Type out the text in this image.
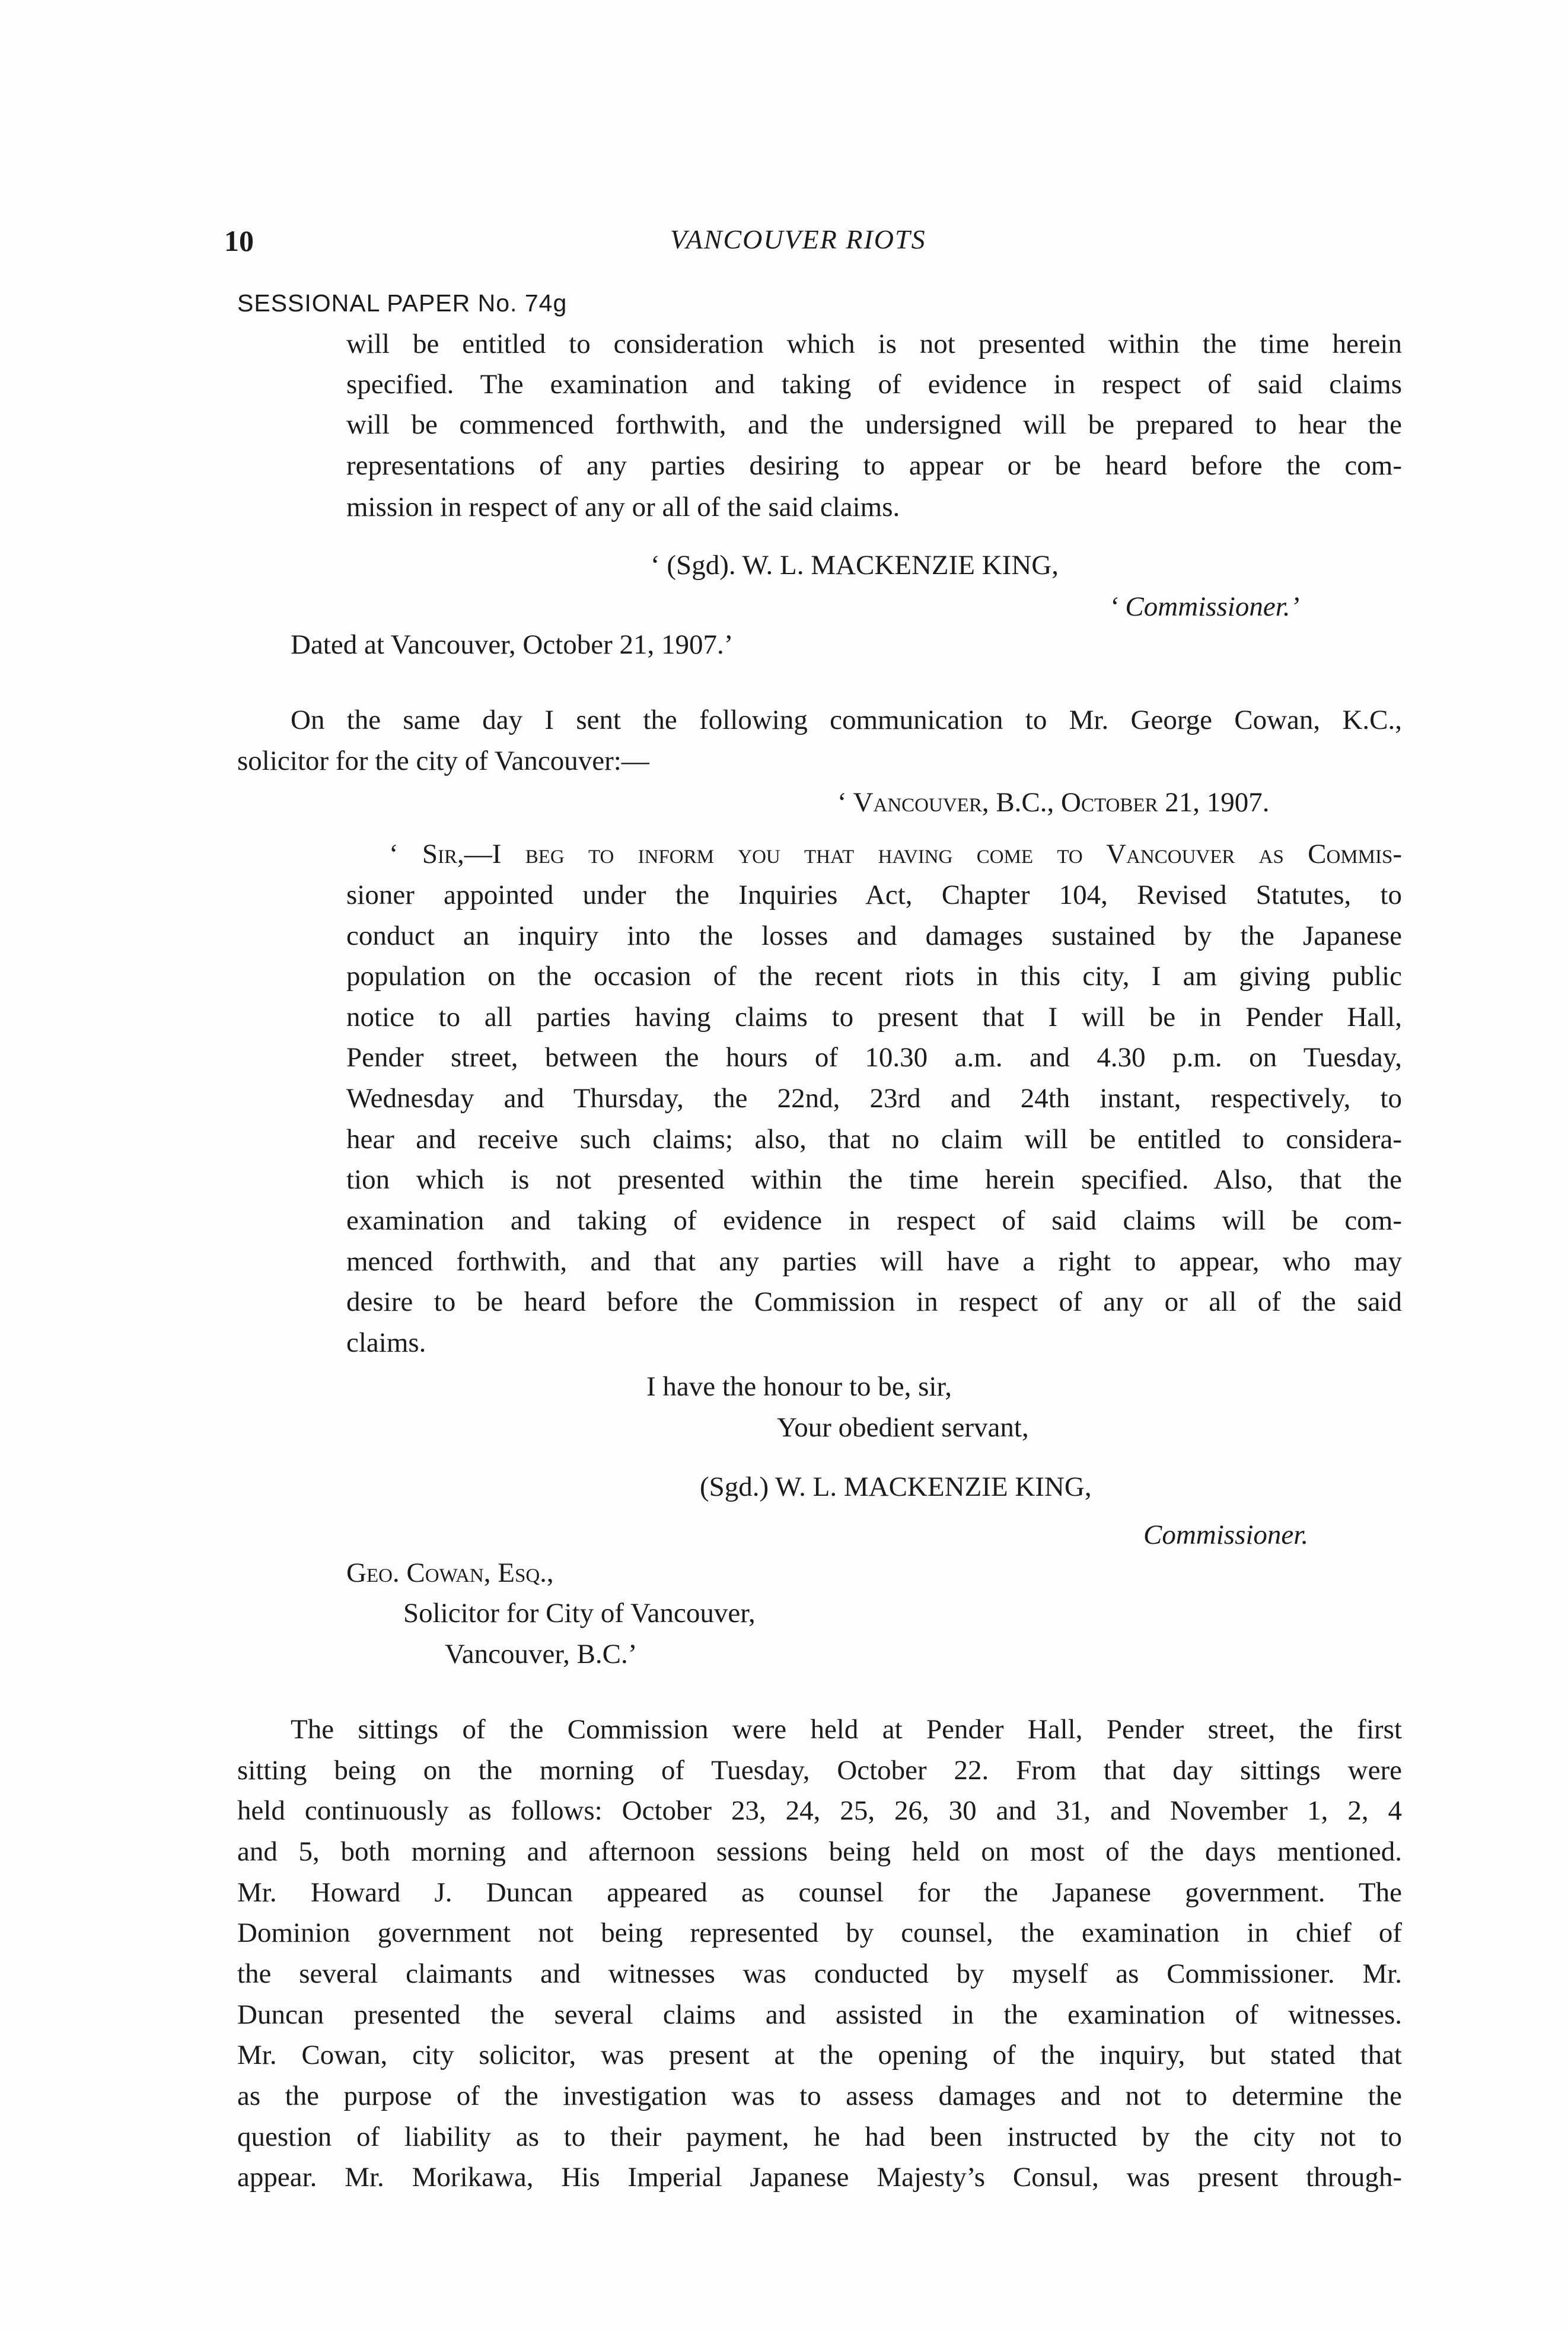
10	VANCOUVER RIOTS
SESSIONAL PAPER No. 74g
will be entitled to consideration which is not presented within the time herein
specified. The examination and taking of evidence in respect of said claims
will be commenced forthwith, and the undersigned will be prepared to hear the
representations of any parties desiring to appear or be heard before the com-
mission in respect of any or all of the said claims.
‘ (Sgd). W. L. MACKENZIE KING,
‘ Commissioner.’
Dated at Vancouver, October 21, 1907.’
On the same day I sent the following communication to Mr. George Cowan, K.C.,
solicitor for the city of Vancouver:—
‘ Vancouver, B.C., October 21, 1907.
‘ Sir,—I beg to inform you that having come to Vancouver as Commis-
sioner appointed under the Inquiries Act, Chapter 104, Revised Statutes, to
conduct an inquiry into the losses and damages sustained by the Japanese
population on the occasion of the recent riots in this city, I am giving public
notice to all parties having claims to present that I will be in Pender Hall,
Pender street, between the hours of 10.30 a.m. and 4.30 p.m. on Tuesday,
Wednesday and Thursday, the 22nd, 23rd and 24th instant, respectively, to
hear and receive such claims; also, that no claim will be entitled to considera-
tion which is not presented within the time herein specified. Also, that the
examination and taking of evidence in respect of said claims will be com-
menced forthwith, and that any parties will have a right to appear, who may
desire to be heard before the Commission in respect of any or all of the said
claims.
I have the honour to be, sir,
Your obedient servant,
(Sgd.) W. L. MACKENZIE KING,
Commissioner.
Geo. Cowan, Esq.,
Solicitor for City of Vancouver,
Vancouver, B.C.’
The sittings of the Commission were held at Pender Hall, Pender street, the first
sitting being on the morning of Tuesday, October 22. From that day sittings were
held continuously as follows: October 23, 24, 25, 26, 30 and 31, and November 1, 2, 4
and 5, both morning and afternoon sessions being held on most of the days mentioned.
Mr. Howard J. Duncan appeared as counsel for the Japanese government. The
Dominion government not being represented by counsel, the examination in chief of
the several claimants and witnesses was conducted by myself as Commissioner. Mr.
Duncan presented the several claims and assisted in the examination of witnesses.
Mr. Cowan, city solicitor, was present at the opening of the inquiry, but stated that
as the purpose of the investigation was to assess damages and not to determine the
question of liability as to their payment, he had been instructed by the city not to
appear. Mr. Morikawa, His Imperial Japanese Majesty’s Consul, was present through-
